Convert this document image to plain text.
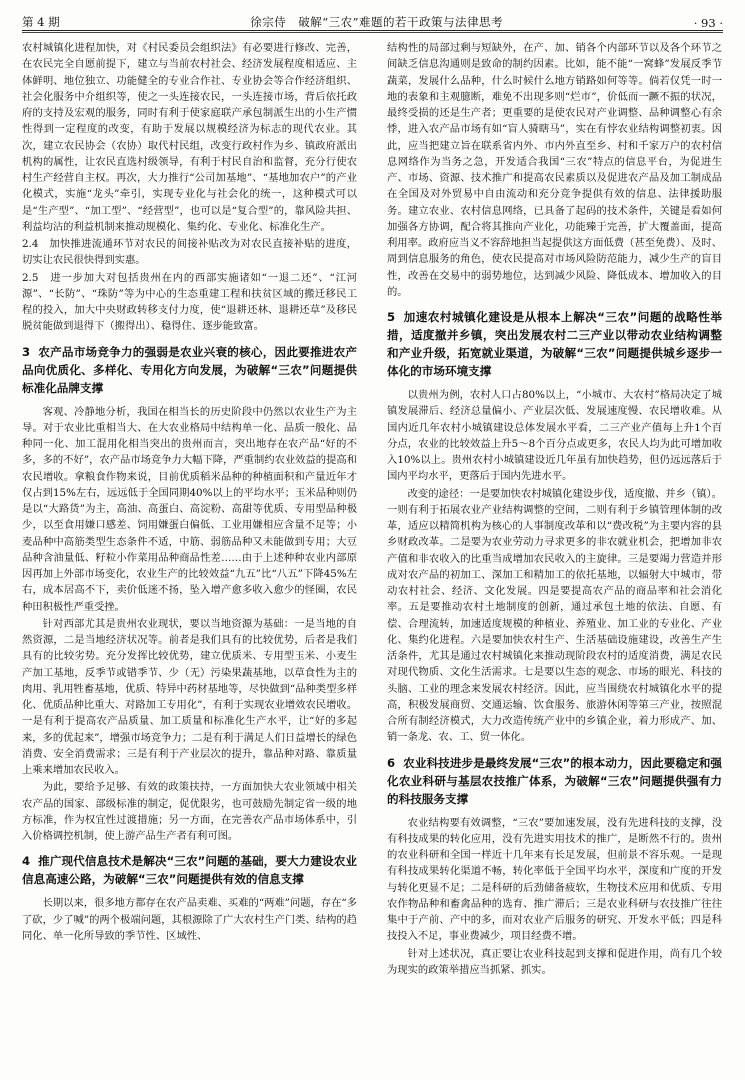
第 4 期	徐宗侍　破解“三农”难题的若干政策与法律思考	· 93 ·

农村城镇化进程加快，对《村民委员会组织法》有必要进行修改、完善，在农民完全自愿前提下，建立与当前农村社会、经济发展程度相适应、主体鲜明、地位独立、功能健全的专业合作社、专业协会等合作经济组织、社会化服务中介组织等，使之一头连接农民，一头连接市场，背后依托政府的支持及宏观的服务，同时有利于使家庭联产承包制派生出的小生产惯性得到一定程度的改变，有助于发展以规模经济为标志的现代农业。其次，建立农民协会（农协）取代村民组，改变行政村作为乡、镇政府派出机构的属性，让农民直选村级领导，有利于村民自治和监督，充分行使农村生产经营自主权。再次，大力推行“公司加基地”、“基地加农户”的产业化模式，实施“龙头”牵引，实现专业化与社会化的统一，这种模式可以是“生产型”、“加工型”、“经营型”，也可以是“复合型”的，靠风险共担、利益均沾的利益机制来推动规模化、集约化、专业化、标准化生产。

2.4　加快推进流通环节对农民的间接补贴改为对农民直接补贴的进度，切实让农民很快得到实惠。

2.5　进一步加大对包括贵州在内的西部实施诸如“一退二还”、“江河源”、“长防”、“珠防”等为中心的生态重建工程和扶贫区域的搬迁移民工程的投入，加大中央财政转移支付力度，使“退耕还林、退耕还草”及移民脱贫能做到退得下（搬得出）、稳得住、逐步能致富。

3 农产品市场竞争力的强弱是农业兴衰的核心，因此要推进农产品向优质化、多样化、专用化方向发展，为破解“三农”问题提供标准化品牌支撑

客观、冷静地分析，我国在相当长的历史阶段中仍然以农业生产为主导。对于农业比重相当大、在大农业格局中结构单一化、品质一般化、品种同一化、加工混用化相当突出的贵州而言，突出地存在农产品“好的不多，多的不好”，农产品市场竞争力大幅下降，严重制约农业效益的提高和农民增收。拿粮食作物来说，目前优质稻米品种的种植面积和产量近年才仅占到15%左右，远远低于全国同期40%以上的平均水平；玉米品种则仍是以“大路货”为主，高油、高蛋白、高淀粉、高甜等优质、专用型品种极少，以至食用嫌口感差、饲用嫌蛋白偏低、工业用嫌相应含量不足等；小麦品种中高筋类型生态条件不适，中筋、弱筋品种又未能做到专用；大豆品种含油量低、籽粒小作菜用品种商品性差……由于上述种种农业内部原因再加上外部市场变化，农业生产的比较效益“九五”比“八五”下降45%左右，成本居高不下，卖价低迷不扬，坠入增产愈多收入愈少的怪圈，农民种田积极性严重受挫。

针对西部尤其是贵州农业现状，要以当地资源为基础：一是当地的自然资源，二是当地经济状况等。前者是我们具有的比较优势，后者是我们具有的比较劣势。充分发挥比较优势，建立优质米、专用型玉米、小麦生产加工基地，反季节或错季节、少（无）污染果蔬基地，以草食性为主的肉用、乳用牲畜基地，优质、特异中药材基地等，尽快做到“品种类型多样化、优质品种比重大、对路加工专用化”，有利于实现农业增效农民增收。一是有利于提高农产品质量、加工质量和标准化生产水平，让“好的多起来，多的优起来”，增强市场竞争力；二是有利于满足人们日益增长的绿色消费、安全消费需求；三是有利于产业层次的提升，靠品种对路、靠质量上乘来增加农民收入。

为此，要给予足够、有效的政策扶持，一方面加快大农业领域中相关农产品的国家、部级标准的制定，促优限劣，也可鼓励先制定省一级的地方标准，作为权宜性过渡措施；另一方面，在完善农产品市场体系中，引入价格调控机制，使上游产品生产者有利可图。

4 推广现代信息技术是解决“三农”问题的基础，要大力建设农业信息高速公路，为破解“三农”问题提供有效的信息支撑

长期以来，很多地方都存在农产品卖难、买难的“两难”问题，存在“多了砍，少了喊”的两个极端问题，其根源除了广大农村生产门类、结构的趋同化、单一化所导致的季节性、区域性、

结构性的局部过剩与短缺外，在产、加、销各个内部环节以及各个环节之间缺乏信息沟通则是致命的制约因素。比如，能不能“一窝蜂”发展反季节蔬菜，发展什么品种，什么时候什么地方销路如何等等。倘若仅凭一时一地的表象和主观臆断，难免不出现多则“烂市”，价低而一蹶不振的状况，最终受损的还是生产者；更重要的是使农民对产业调整、品种调整心有余悸，进入农产品市场有如“盲人骑瞎马”，实在有悖农业结构调整初衷。因此，应当把建立旨在联系省内外、市内外直至乡、村和千家万户的农村信息网络作为当务之急，开发适合我国“三农”特点的信息平台，为促进生产、市场、资源、技术推广和提高农民素质以及促进农产品及加工制成品在全国及对外贸易中自由流动和充分竞争提供有效的信息、法律援助服务。建立农业、农村信息网络，已具备了起码的技术条件，关键是看如何加强各方协调，配合将其推向产业化，功能臻于完善，扩大覆盖面，提高利用率。政府应当义不容辞地担当起提供这方面低费（甚至免费）、及时、周到信息服务的角色，使农民提高对市场风险防范能力，减少生产的盲目性，改善在交易中的弱势地位，达到减少风险、降低成本、增加收入的目的。

5 加速农村城镇化建设是从根本上解决“三农”问题的战略性举措，适度撤并乡镇，突出发展农村二三产业以带动农业结构调整和产业升级，拓宽就业渠道，为破解“三农”问题提供城乡逐步一体化的市场环境支撑

以贵州为例，农村人口占80%以上，“小城市、大农村”格局决定了城镇发展滞后、经济总量偏小、产业层次低、发展速度慢、农民增收难。从国内近几年农村小城镇建设总体发展水平看，二三产业产值每上升1个百分点，农业的比较效益上升5～8个百分点或更多，农民人均为此可增加收入10%以上。贵州农村小城镇建设近几年虽有加快趋势，但仍远远落后于国内平均水平，更落后于国内先进水平。

改变的途径：一是要加快农村城镇化建设步伐，适度撤、并乡（镇）。一则有利于拓展农业产业结构调整的空间，二则有利于乡镇管理体制的改革，适应以精简机构为核心的人事制度改革和以“费改税”为主要内容的县乡财政改革。二是要为农业劳动力寻求更多的非农就业机会，把增加非农产值和非农收入的比重当成增加农民收入的主旋律。三是要竭力营造并形成对农产品的初加工、深加工和精加工的依托基地，以辐射大中城市，带动农村社会、经济、文化发展。四是要提高农产品的商品率和社会消化率。五是要推动农村土地制度的创新，通过承包土地的依法、自愿、有偿、合理流转，加速适度规模的种植业、养殖业、加工业的专业化、产业化、集约化进程。六是要加快农村生产、生活基础设施建设，改善生产生活条件，尤其是通过农村城镇化来推动现阶段农村的适度消费，满足农民对现代物质、文化生活需求。七是要以生态的观念、市场的眼光、科技的头脑、工业的理念来发展农村经济。因此，应当围绕农村城镇化水平的提高，积极发展商贸、交通运输、饮食服务、旅游休闲等第三产业，按照混合所有制经济模式，大力改造传统产业中的乡镇企业，着力形成产、加、销一条龙、农、工、贸一体化。

6 农业科技进步是最终发展“三农”的根本动力，因此要稳定和强化农业科研与基层农技推广体系，为破解“三农”问题提供强有力的科技服务支撑

农业结构要有效调整，“三农”要加速发展，没有先进科技的支撑，没有科技成果的转化应用，没有先进实用技术的推广，是断然不行的。贵州的农业科研和全国一样近十几年来有长足发展，但前景不容乐观。一是现有科技成果转化渠道不畅，转化率低于全国平均水平，深度和广度的开发与转化更显不足；二是科研的后劲储备疲软，生物技术应用和优质、专用农作物品种和畜禽品种的选育、推广滞后；三是农业科研与农技推广往往集中于产前、产中的多，而对农业产后服务的研究、开发水平低；四是科技投入不足，事业费减少，项目经费不增。

针对上述状况，真正要让农业科技起到支撑和促进作用，尚有几个较为现实的政策举措应当抓紧、抓实。
